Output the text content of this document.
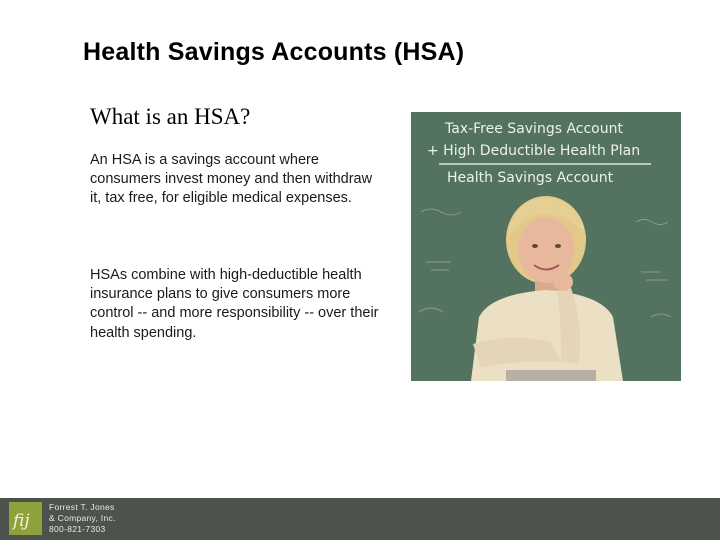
Health Savings Accounts (HSA)
What is an HSA?

An HSA is a savings account where consumers invest money and then withdraw it, tax free, for eligible medical expenses.

HSAs combine with high-deductible health insurance plans to give consumers more control -- and more responsibility -- over their health spending.

Tax-Free Savings Account
+ High Deductible Health Plan
Health Savings Account
fij
Forrest T. Jones
& Company, Inc.
800-821-7303
